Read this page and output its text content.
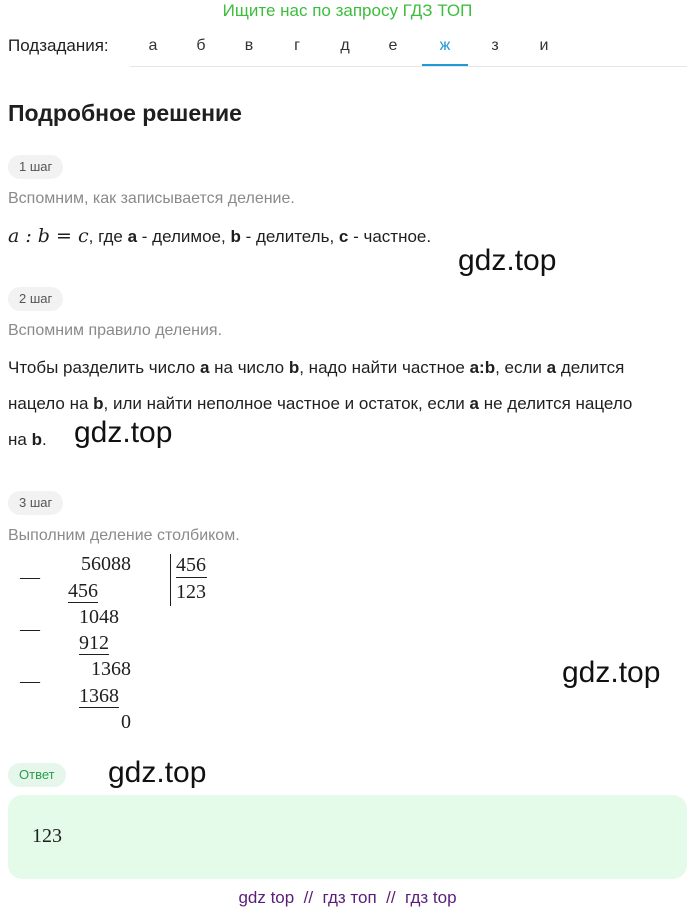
Ищите нас по запросу ГДЗ ТОП
Подзадания:	а	б	в	г	д	е	ж	з	и
Подробное решение
1 шаг
Вспомним, как записывается деление.
a : b = c, где a - делимое, b - делитель, c - частное.
gdz.top
2 шаг
Вспомним правило деления.
Чтобы разделить число a на число b, надо найти частное a:b, если a делится
нацело на b, или найти неполное частное и остаток, если a не делится нацело
на b. gdz.top
3 шаг
Выполним деление столбиком.
—
—
—
56088
456
1048
912
1368
1368
0
456
123
gdz.top
Ответ	gdz.top
123
gdz top  //  гдз топ  //  гдз top
